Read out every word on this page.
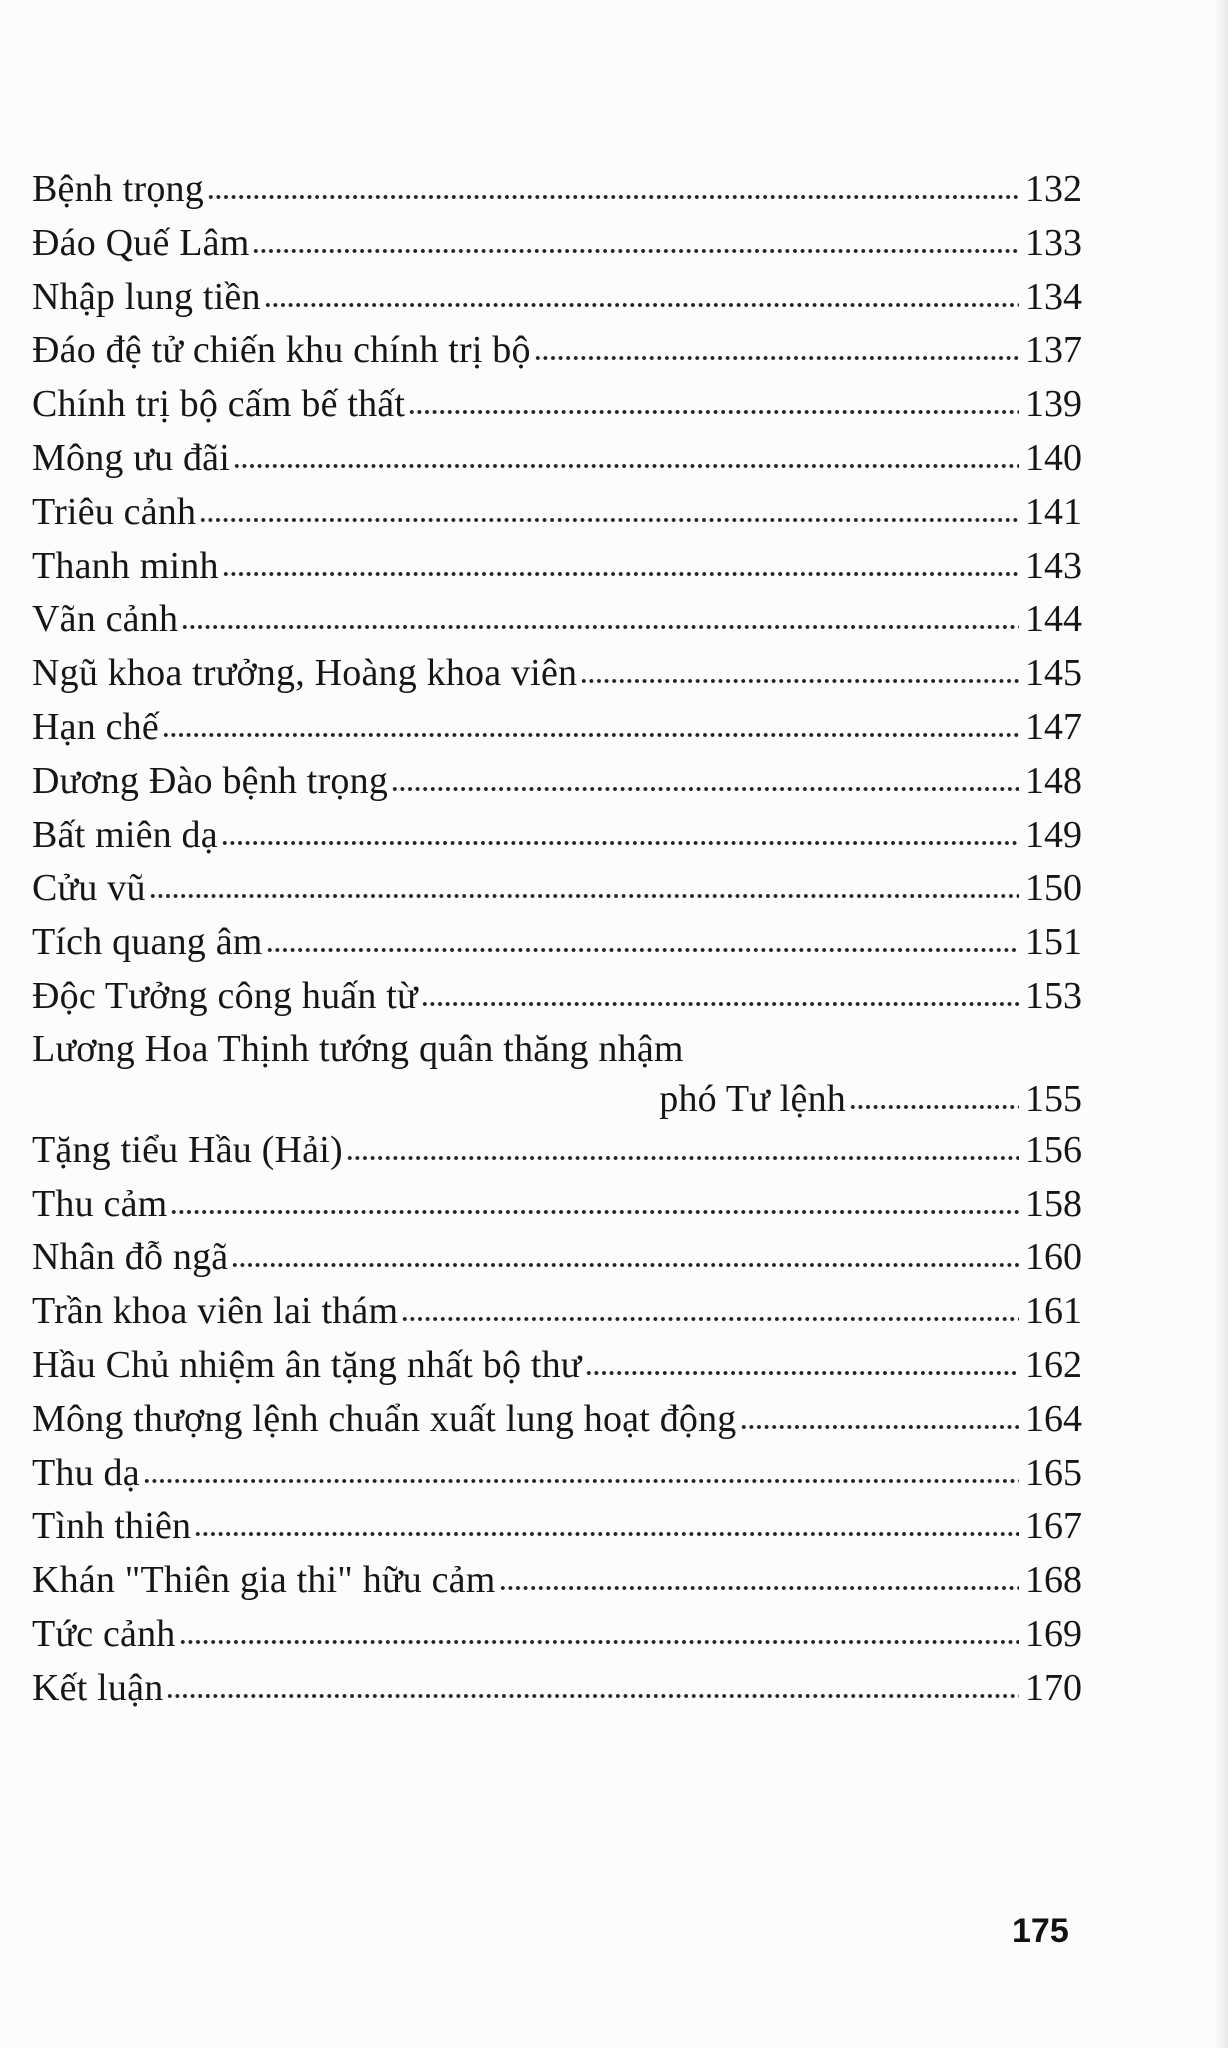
Bệnh trọng	132
Đáo Quế Lâm	133
Nhập lung tiền	134
Đáo đệ tử chiến khu chính trị bộ	137
Chính trị bộ cấm bế thất	139
Mông ưu đãi	140
Triêu cảnh	141
Thanh minh	143
Vãn cảnh	144
Ngũ khoa trưởng, Hoàng khoa viên	145
Hạn chế	147
Dương Đào bệnh trọng	148
Bất miên dạ	149
Cửu vũ	150
Tích quang âm	151
Độc Tưởng công huấn từ	153
Lương Hoa Thịnh tướng quân thăng nhậm
phó Tư lệnh	155
Tặng tiểu Hầu (Hải)	156
Thu cảm	158
Nhân đỗ ngã	160
Trần khoa viên lai thám	161
Hầu Chủ nhiệm ân tặng nhất bộ thư	162
Mông thượng lệnh chuẩn xuất lung hoạt động	164
Thu dạ	165
Tình thiên	167
Khán "Thiên gia thi" hữu cảm	168
Tức cảnh	169
Kết luận	170
175
